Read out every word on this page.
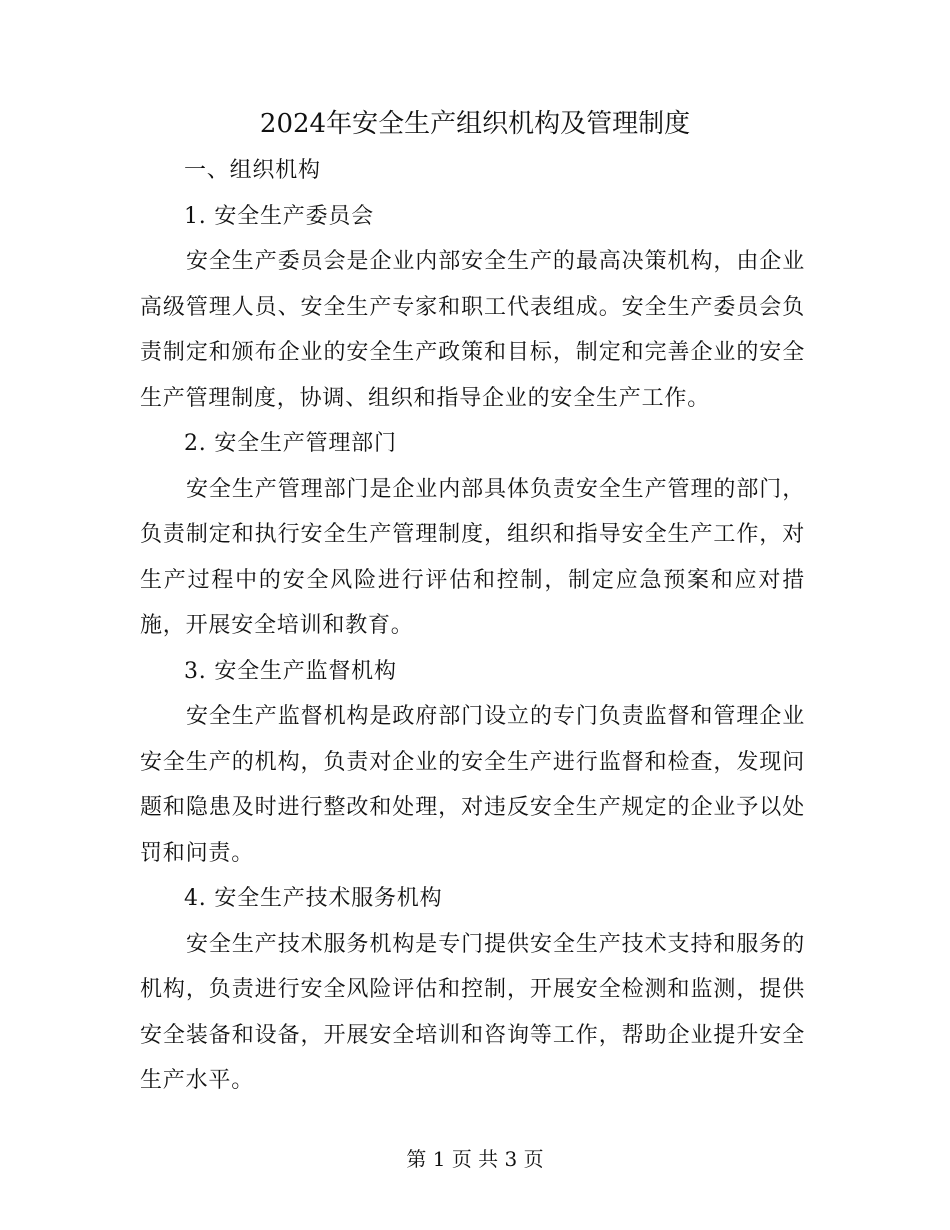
2024年安全生产组织机构及管理制度

一、组织机构

1. 安全生产委员会

安全生产委员会是企业内部安全生产的最高决策机构，由企业高级管理人员、安全生产专家和职工代表组成。安全生产委员会负责制定和颁布企业的安全生产政策和目标，制定和完善企业的安全生产管理制度，协调、组织和指导企业的安全生产工作。

2. 安全生产管理部门

安全生产管理部门是企业内部具体负责安全生产管理的部门，负责制定和执行安全生产管理制度，组织和指导安全生产工作，对生产过程中的安全风险进行评估和控制，制定应急预案和应对措施，开展安全培训和教育。

3. 安全生产监督机构

安全生产监督机构是政府部门设立的专门负责监督和管理企业安全生产的机构，负责对企业的安全生产进行监督和检查，发现问题和隐患及时进行整改和处理，对违反安全生产规定的企业予以处罚和问责。

4. 安全生产技术服务机构

安全生产技术服务机构是专门提供安全生产技术支持和服务的机构，负责进行安全风险评估和控制，开展安全检测和监测，提供安全装备和设备，开展安全培训和咨询等工作，帮助企业提升安全生产水平。

第 1 页 共 3 页
